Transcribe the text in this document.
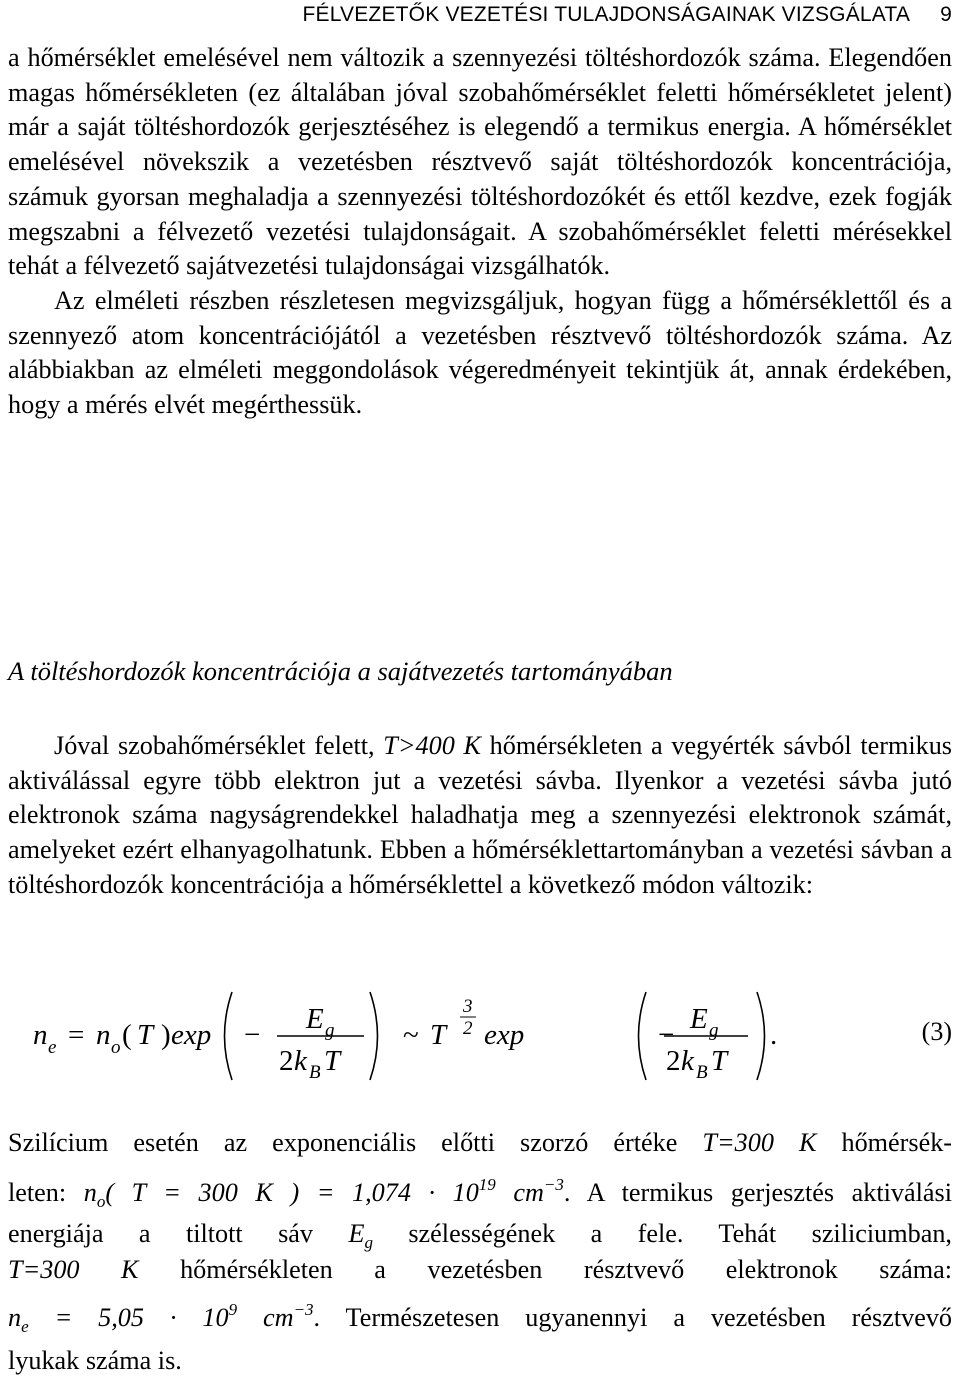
FÉLVEZETŐK VEZETÉSI TULAJDONSÁGAINAK VIZSGÁLATA 9
a hőmérséklet emelésével nem változik a szennyezési töltéshordozók száma. Elegendően magas hőmérsékleten (ez általában jóval szobahőmérséklet feletti hőmérsékletet jelent) már a saját töltéshordozók gerjesztéséhez is elegendő a termikus energia. A hőmérséklet emelésével növekszik a vezetésben résztvevő saját töltéshordozók koncentrációja, számuk gyorsan meghaladja a szennyezési töltéshordozókét és ettől kezdve, ezek fogják megszabni a félvezető vezetési tulajdonságait. A szobahőmérséklet feletti mérésekkel tehát a félvezető sajátvezetési tulajdonságai vizsgálhatók.
Az elméleti részben részletesen megvizsgáljuk, hogyan függ a hőmérséklettől és a szennyező atom koncentrációjától a vezetésben résztvevő töltéshordozók száma. Az alábbiakban az elméleti meggondolások végeredményeit tekintjük át, annak érdekében, hogy a mérés elvét megérthessük.
A töltéshordozók koncentrációja a sajátvezetés tartományában
Jóval szobahőmérséklet felett, T>400 K hőmérsékleten a vegyérték sávból termikus aktiválással egyre több elektron jut a vezetési sávba. Ilyenkor a vezetési sávba jutó elektronok száma nagyságrendekkel haladhatja meg a szennyezési elektronok számát, amelyeket ezért elhanyagolhatunk. Ebben a hőmérséklettartományban a vezetési sávban a töltéshordozók koncentrációja a hőmérséklettel a következő módon változik:
n e = n o ( T ) exp − E g
2 k B T
~ T
3
2 exp	− E g
2 k B T
.	(3)
Szilícium esetén az exponenciális előtti szorzó értéke T=300 K hőmérsék-
leten: $n_o$( T = 300 K ) = $1,074 \cdot 10^{19}$ $cm^{-3}$. A termikus gerjesztés aktiválási
energiája a tiltott sáv $E_g$ szélességének a fele. Tehát sziliciumban,
T=300 K hőmérsékleten a vezetésben résztvevő elektronok száma:
$n_e = 5,05 \cdot 10^9$ $cm^{-3}$. Természetesen ugyanennyi a vezetésben résztvevő
lyukak száma is.
